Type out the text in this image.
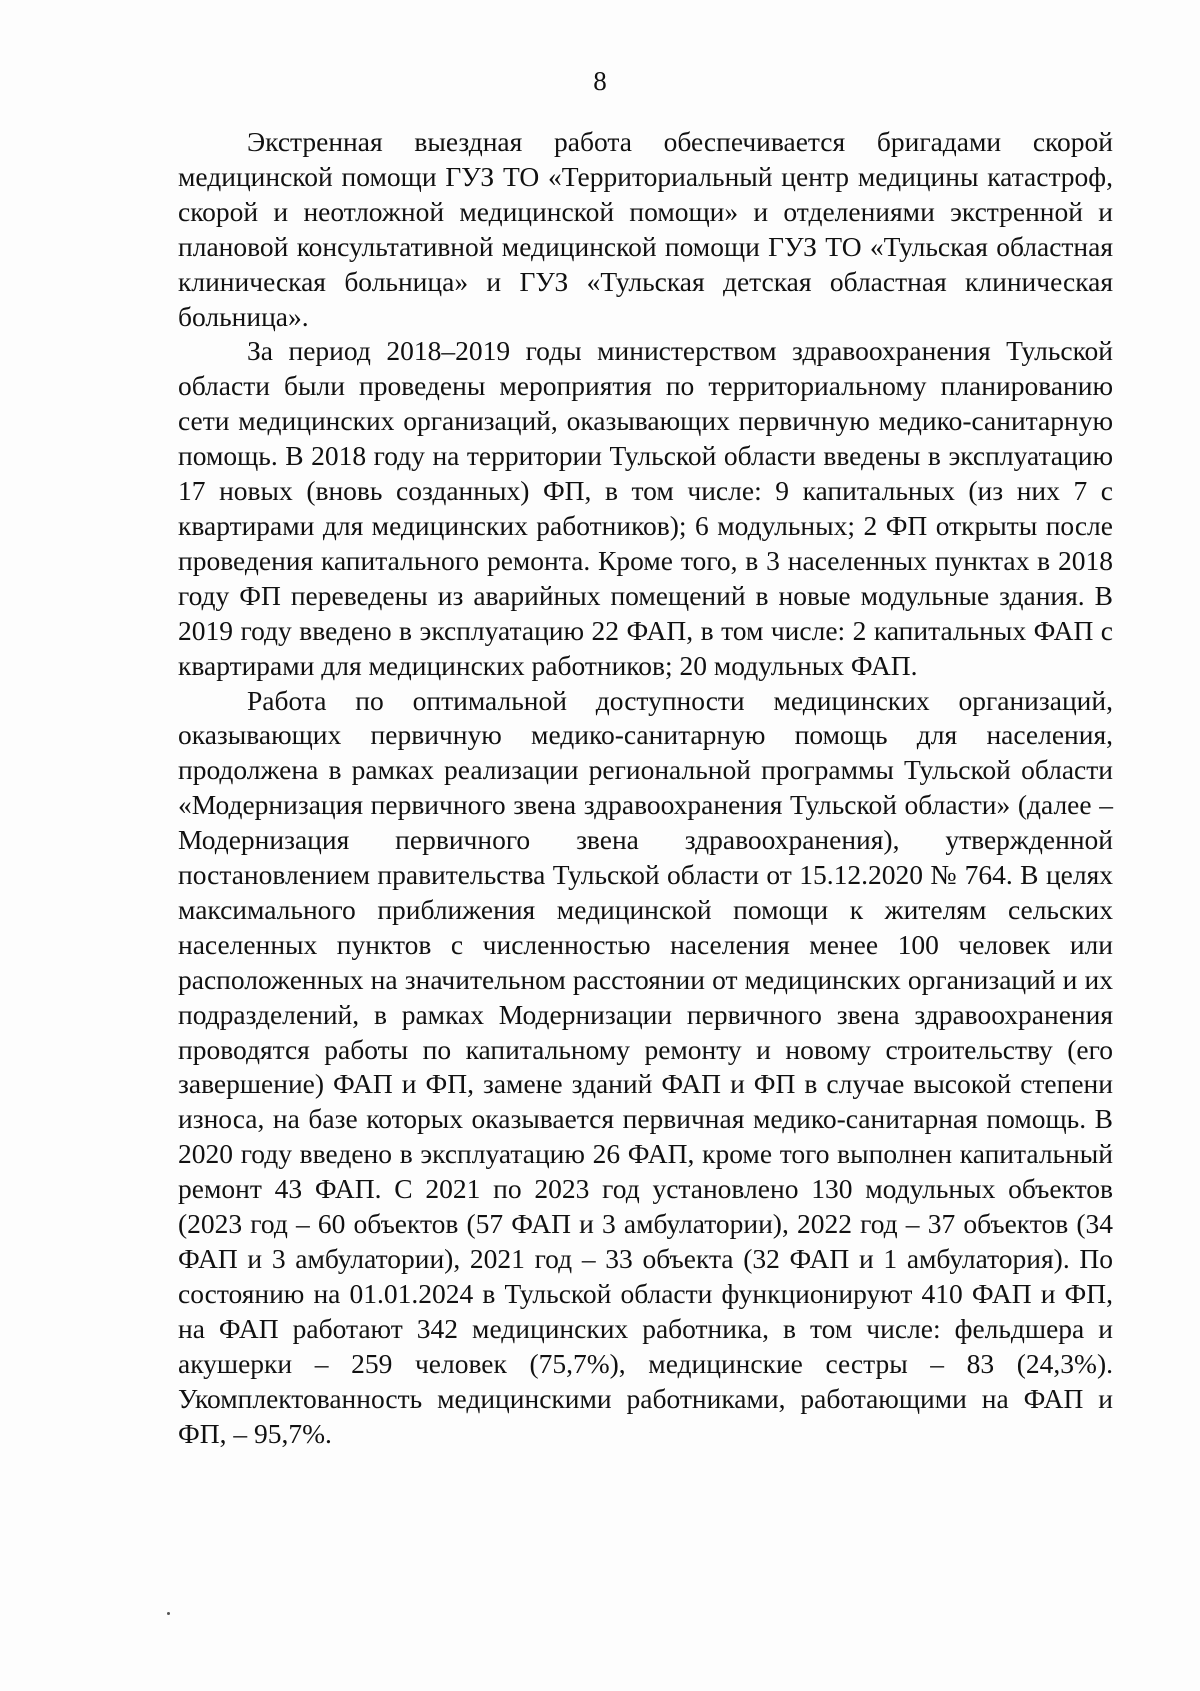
8

Экстренная выездная работа обеспечивается бригадами скорой медицинской помощи ГУЗ ТО «Территориальный центр медицины катастроф, скорой и неотложной медицинской помощи» и отделениями экстренной и плановой консультативной медицинской помощи ГУЗ ТО «Тульская областная клиническая больница» и ГУЗ «Тульская детская областная клиническая больница».

За период 2018–2019 годы министерством здравоохранения Тульской области были проведены мероприятия по территориальному планированию сети медицинских организаций, оказывающих первичную медико-санитарную помощь. В 2018 году на территории Тульской области введены в эксплуатацию 17 новых (вновь созданных) ФП, в том числе: 9 капитальных (из них 7 с квартирами для медицинских работников); 6 модульных; 2 ФП открыты после проведения капитального ремонта. Кроме того, в 3 населенных пунктах в 2018 году ФП переведены из аварийных помещений в новые модульные здания. В 2019 году введено в эксплуатацию 22 ФАП, в том числе: 2 капитальных ФАП с квартирами для медицинских работников; 20 модульных ФАП.

Работа по оптимальной доступности медицинских организаций, оказывающих первичную медико-санитарную помощь для населения, продолжена в рамках реализации региональной программы Тульской области «Модернизация первичного звена здравоохранения Тульской области» (далее – Модернизация первичного звена здравоохранения), утвержденной постановлением правительства Тульской области от 15.12.2020 № 764. В целях максимального приближения медицинской помощи к жителям сельских населенных пунктов с численностью населения менее 100 человек или расположенных на значительном расстоянии от медицинских организаций и их подразделений, в рамках Модернизации первичного звена здравоохранения проводятся работы по капитальному ремонту и новому строительству (его завершение) ФАП и ФП, замене зданий ФАП и ФП в случае высокой степени износа, на базе которых оказывается первичная медико-санитарная помощь. В 2020 году введено в эксплуатацию 26 ФАП, кроме того выполнен капитальный ремонт 43 ФАП. С 2021 по 2023 год установлено 130 модульных объектов (2023 год – 60 объектов (57 ФАП и 3 амбулатории), 2022 год – 37 объектов (34 ФАП и 3 амбулатории), 2021 год – 33 объекта (32 ФАП и 1 амбулатория). По состоянию на 01.01.2024 в Тульской области функционируют 410 ФАП и ФП, на ФАП работают 342 медицинских работника, в том числе: фельдшера и акушерки – 259 человек (75,7%), медицинские сестры – 83 (24,3%). Укомплектованность медицинскими работниками, работающими на ФАП и ФП, – 95,7%.
